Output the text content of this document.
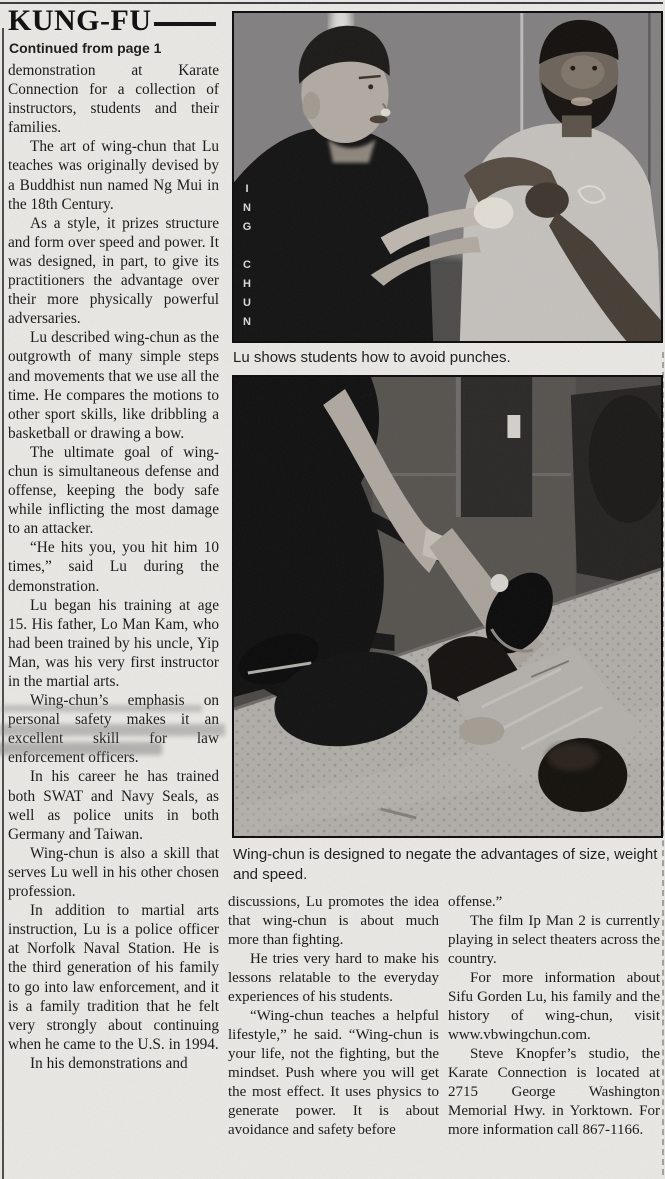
KUNG-FU
Continued from page 1

demonstration at Karate Connection for a collection of instructors, students and their families.

The art of wing-chun that Lu teaches was originally devised by a Buddhist nun named Ng Mui in the 18th Century.

As a style, it prizes structure and form over speed and power. It was designed, in part, to give its practitioners the advantage over their more physically powerful adversaries.

Lu described wing-chun as the outgrowth of many simple steps and movements that we use all the time. He compares the motions to other sport skills, like dribbling a basketball or drawing a bow.

The ultimate goal of wing-chun is simultaneous defense and offense, keeping the body safe while inflicting the most damage to an attacker.

“He hits you, you hit him 10 times,” said Lu during the demonstration.

Lu began his training at age 15. His father, Lo Man Kam, who had been trained by his uncle, Yip Man, was his very first instructor in the martial arts.

Wing-chun’s emphasis on personal safety makes it an excellent skill for law enforcement officers.

In his career he has trained both SWAT and Navy Seals, as well as police units in both Germany and Taiwan.

Wing-chun is also a skill that serves Lu well in his other chosen profession.

In addition to martial arts instruction, Lu is a police officer at Norfolk Naval Station. He is the third generation of his family to go into law enforcement, and it is a family tradition that he felt very strongly about continuing when he came to the U.S. in 1994.

In his demonstrations and

ING CHUN
Lu shows students how to avoid punches.
Wing-chun is designed to negate the advantages of size, weight and speed.

discussions, Lu promotes the idea that wing-chun is about much more than fighting.

He tries very hard to make his lessons relatable to the everyday experiences of his students.

“Wing-chun teaches a helpful lifestyle,” he said. “Wing-chun is your life, not the fighting, but the mindset. Push where you will get the most effect. It uses physics to generate power. It is about avoidance and safety before

offense.”

The film Ip Man 2 is currently playing in select theaters across the country.

For more information about Sifu Gorden Lu, his family and the history of wing-chun, visit www.vbwingchun.com.

Steve Knopfer’s studio, the Karate Connection is located at 2715 George Washington Memorial Hwy. in Yorktown. For more information call 867-1166.
